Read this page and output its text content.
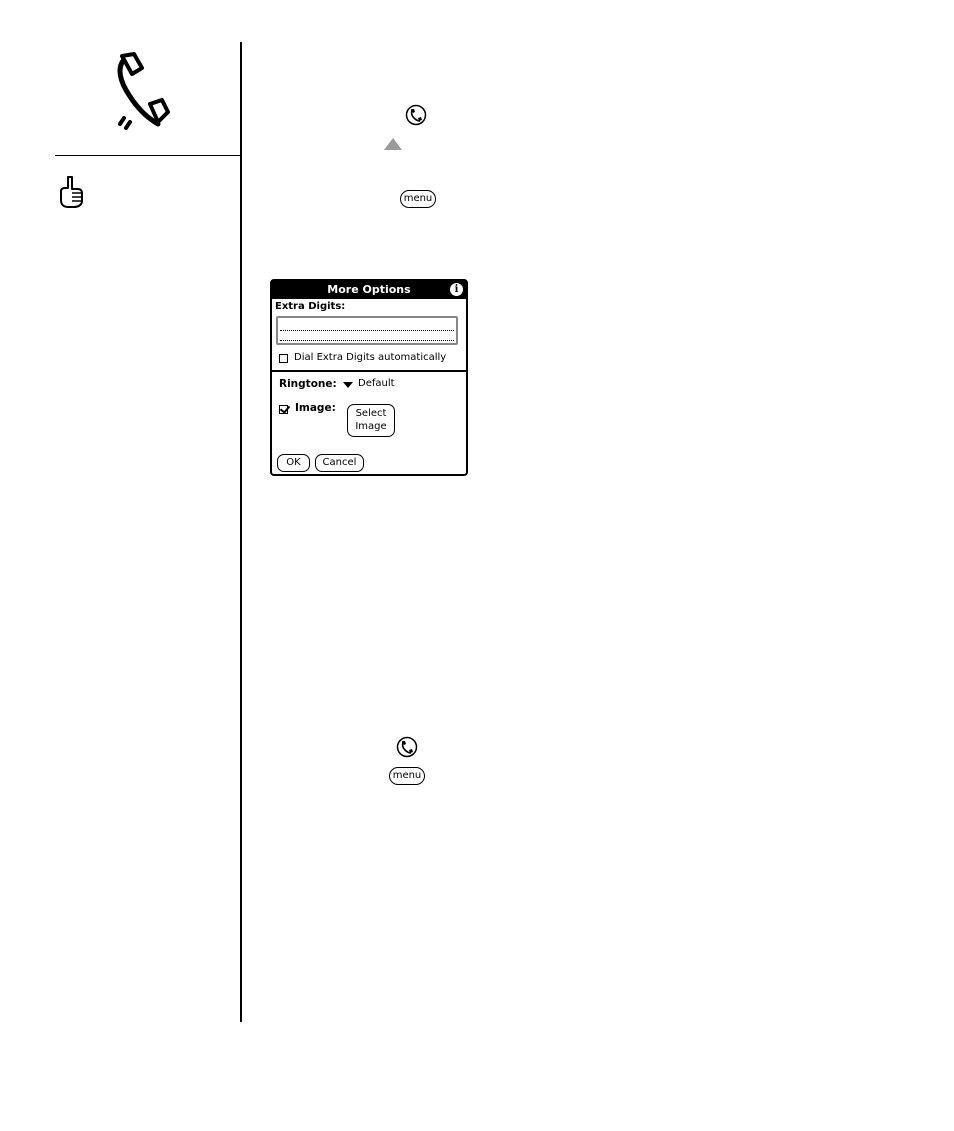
menu
More Options	i
Extra Digits:
Dial Extra Digits automatically
Ringtone: Default
Image:	Select
Image
OK	Cancel
menu
